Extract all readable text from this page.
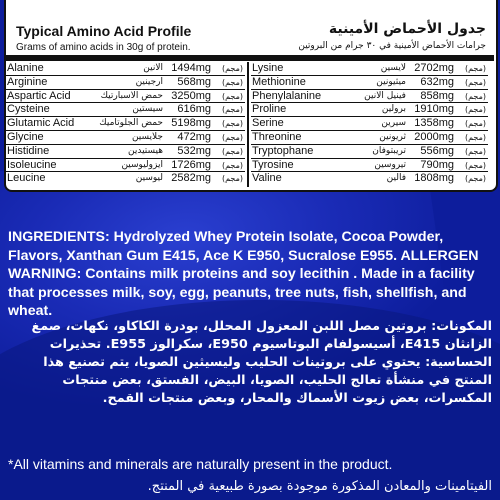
Typical Amino Acid Profile	جدول الأحماض الأمينية
Grams of amino acids in 30g of protein.	جرامات الأحماض الأمينية في ٣٠ جرام من البروتين
Alanine	الانين 1494mg (مجم)
Arginine	ارجينين 568mg (مجم)
Aspartic Acid	حمض الاسبارتيك 3250mg (مجم)
Cysteine	سيستين 616mg (مجم)
Glutamic Acid	حمض الجلوتاميك 5198mg (مجم)
Glycine	جلايسين 472mg (مجم)
Histidine	هيستيدين 532mg (مجم)
Isoleucine	ايزوليوسين 1726mg (مجم)
Leucine	ليوسين 2582mg (مجم)
Lysine	لايسين 2702mg (مجم)
Methionine	ميثيونين 632mg (مجم)
Phenylalanine	فينيل الانين 858mg (مجم)
Proline	برولين 1910mg (مجم)
Serine	سيرين 1358mg (مجم)
Threonine	ثريونين 2000mg (مجم)
Tryptophane	تريبتوفان 556mg (مجم)
Tyrosine	تيروسين 790mg (مجم)
Valine	فالين 1808mg (مجم)
INGREDIENTS: Hydrolyzed Whey Protein Isolate, Cocoa Powder, Flavors, Xanthan Gum E415, Ace K E950, Sucralose E955. ALLERGEN WARNING: Contains milk proteins and soy lecithin . Made in a facility that processes milk, soy, egg, peanuts, tree nuts, fish, shellfish, and wheat.
المكونات: بروتين مصل اللبن المعزول المحلل، بودرة الكاكاو، نكهات، صمغ الزانثان E415، أسيسولفام البوتاسيوم E950، سكرالوز E955. تحذيرات الحساسية: يحتوي على بروتينات الحليب وليسيثين الصويا، يتم تصنيع هذا المنتج في منشأة تعالج الحليب، الصويا، البيض، الفستق، بعض منتجات المكسرات، بعض زيوت الأسماك والمحار، وبعض منتجات القمح.
*All vitamins and minerals are naturally present in the product.
الفيتامينات والمعادن المذكورة موجودة بصورة طبيعية في المنتج.
